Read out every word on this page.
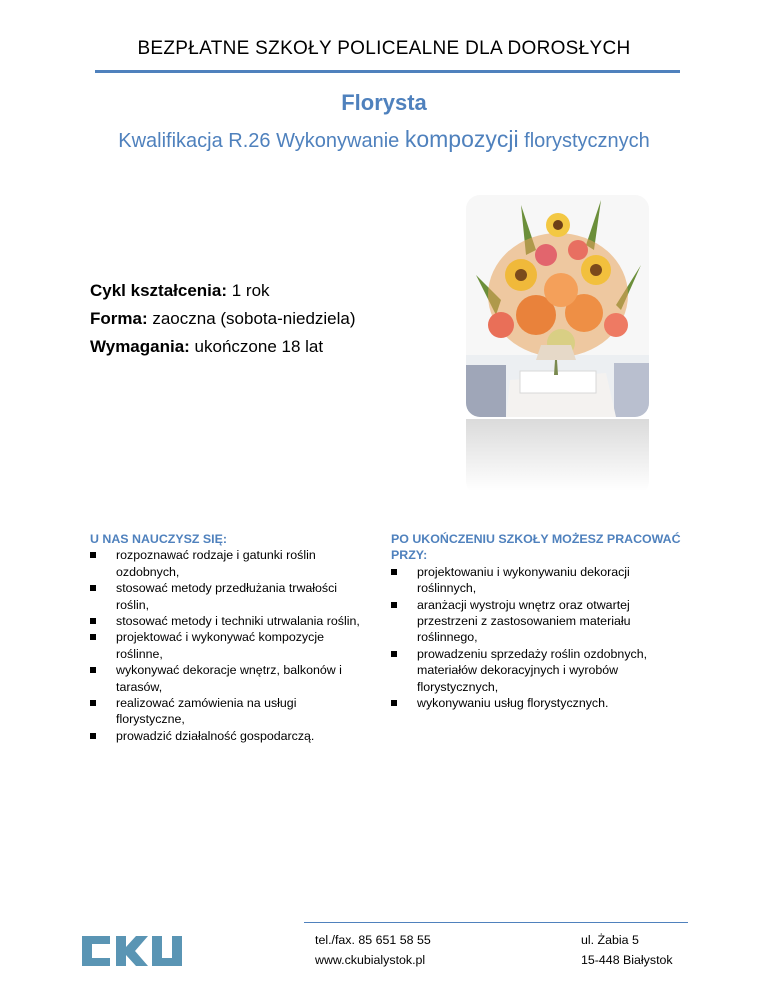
BEZPŁATNE SZKOŁY POLICEALNE DLA DOROSŁYCH
Florysta
Kwalifikacja R.26 Wykonywanie kompozycji florystycznych
Cykl kształcenia: 1 rok
Forma: zaoczna (sobota-niedziela)
Wymagania: ukończone 18 lat
U NAS NAUCZYSZ SIĘ:
rozpoznawać rodzaje i gatunki roślin ozdobnych,
stosować metody przedłużania trwałości roślin,
stosować metody i techniki utrwalania roślin,
projektować i wykonywać kompozycje roślinne,
wykonywać dekoracje wnętrz, balkonów i tarasów,
realizować zamówienia na usługi florystyczne,
prowadzić działalność gospodarczą.
PO UKOŃCZENIU SZKOŁY MOŻESZ PRACOWAĆ PRZY:
projektowaniu i wykonywaniu dekoracji roślinnych,
aranżacji wystroju wnętrz oraz otwartej przestrzeni z zastosowaniem materiału roślinnego,
prowadzeniu sprzedaży roślin ozdobnych, materiałów dekoracyjnych i wyrobów florystycznych,
wykonywaniu usług florystycznych.
tel./fax. 85 651 58 55
www.ckubialystok.pl
ul. Żabia 5
15-448 Białystok
